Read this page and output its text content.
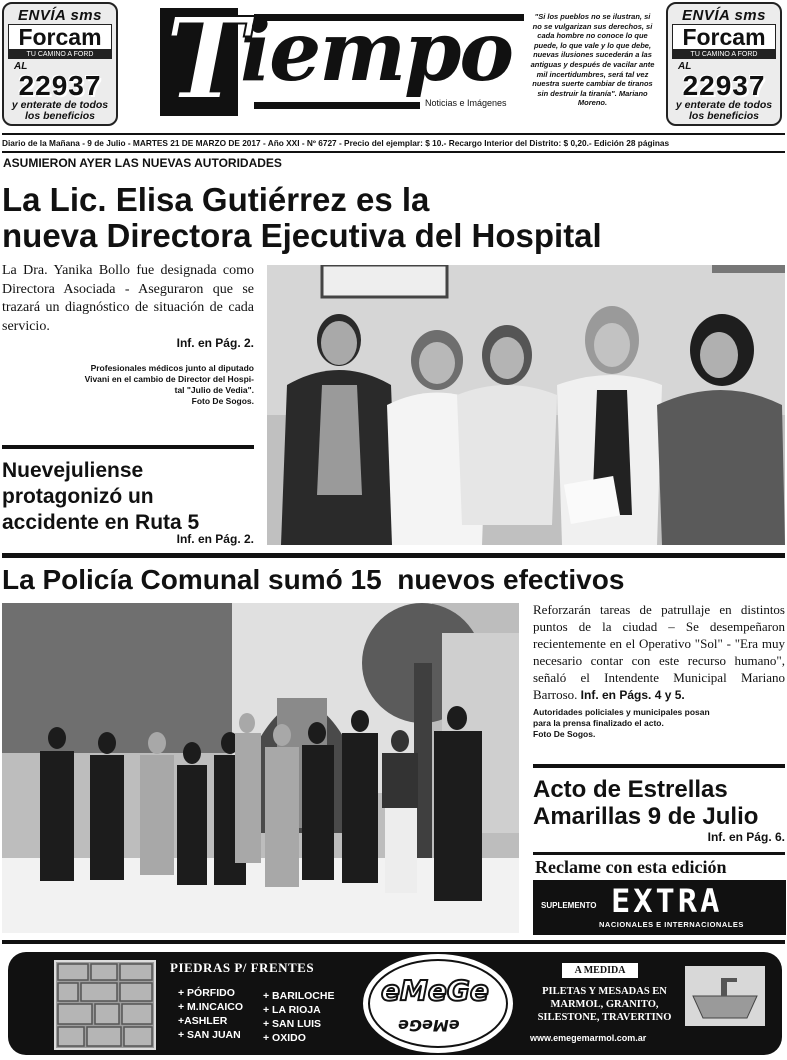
ENVÍA sms
Forcam
TU CAMINO A FORD
AL
22937
y enterate de todos
los beneficios
ENVÍA sms
Forcam
TU CAMINO A FORD
AL
22937
y enterate de todos
los beneficios
T
iempo
Noticias e Imágenes
"Si los pueblos no se ilustran, si no se vulgarizan sus derechos, si cada hombre no conoce lo que puede, lo que vale y lo que debe, nuevas ilusiones sucederán a las antiguas y después de vacilar ante mil incertidumbres, será tal vez nuestra suerte cambiar de tiranos sin destruir la tiranía". Mariano Moreno.
Diario de la Mañana - 9 de Julio - MARTES 21 DE MARZO DE 2017 - Año XXI - Nº 6727 - Precio del ejemplar: $ 10.- Recargo Interior del Distrito: $ 0,20.- Edición 28 páginas
ASUMIERON AYER LAS NUEVAS AUTORIDADES
La Lic. Elisa Gutiérrez es la
nueva Directora Ejecutiva del Hospital
La Dra. Yanika Bollo fue designada como Directora Asociada - Aseguraron que se trazará un diagnóstico de situación de cada servicio.
Inf. en Pág. 2.
Profesionales médicos junto al diputado
Vivani en el cambio de Director del Hospi-
tal "Julio de Vedia".
Foto De Sogos.
Nuevejuliense
protagonizó un
accidente en Ruta 5
Inf. en Pág. 2.
La Policía Comunal sumó 15  nuevos efectivos
Reforzarán tareas de patrullaje en distintos puntos de la ciudad – Se desempeñaron recientemente en el Operativo "Sol" - "Era muy necesario contar con este recurso humano", señaló el Intendente Municipal Mariano Barroso. Inf. en Págs. 4 y 5.
Autoridades policiales y municipales posan
para la prensa finalizado el acto.
Foto De Sogos.
Acto de Estrellas
Amarillas 9 de Julio
Inf. en Pág. 6.
Reclame con esta edición
SUPLEMENTO EXTRA
NACIONALES E INTERNACIONALES
PIEDRAS P/ FRENTES
+ PÓRFIDO
+ M.INCAICO
+ASHLER
+ SAN JUAN
+ BARILOCHE
+ LA RIOJA
+ SAN LUIS
+ OXIDO
eMeGe
eMeGe
A MEDIDA
PILETAS Y MESADAS EN
MARMOL, GRANITO,
SILESTONE, TRAVERTINO
www.emegemarmol.com.ar
